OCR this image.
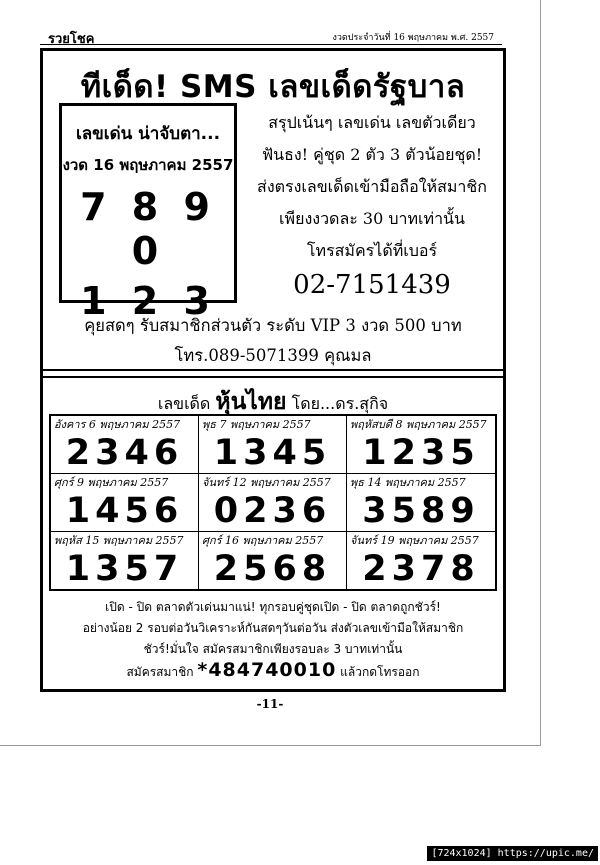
รวยโชค	งวดประจำวันที่ 16 พฤษภาคม พ.ศ. 2557
ทีเด็ด! SMS เลขเด็ดรัฐบาล
เลขเด่น น่าจับตา...
งวด 16 พฤษภาคม 2557
7 8 9 0
1 2 3
สรุปเน้นๆ เลขเด่น เลขตัวเดียว
ฟันธง! คู่ชุด 2 ตัว 3 ตัวน้อยชุด!
ส่งตรงเลขเด็ดเข้ามือถือให้สมาชิก
เพียงงวดละ 30 บาทเท่านั้น
โทรสมัครได้ที่เบอร์
02-7151439
คุยสดๆ รับสมาชิกส่วนตัว ระดับ VIP 3 งวด 500 บาท
โทร.089-5071399 คุณมล
เลขเด็ด หุ้นไทย โดย...ดร.สุกิจ
อังคาร 6 พฤษภาคม 2557
2346
พุธ 7 พฤษภาคม 2557
1345
พฤหัสบดี 8 พฤษภาคม 2557
1235
ศุกร์ 9 พฤษภาคม 2557
1456
จันทร์ 12 พฤษภาคม 2557
0236
พุธ 14 พฤษภาคม 2557
3589
พฤหัส 15 พฤษภาคม 2557
1357
ศุกร์ 16 พฤษภาคม 2557
2568
จันทร์ 19 พฤษภาคม 2557
2378
เปิด - ปิด ตลาดตัวเด่นมาแน่! ทุกรอบคู่ชุดเปิด - ปิด ตลาดถูกชัวร์!
อย่างน้อย 2 รอบต่อวันวิเคราะห์กันสดๆวันต่อวัน ส่งตัวเลขเข้ามือให้สมาชิก
ชัวร์!มั่นใจ สมัครสมาชิกเพียงรอบละ 3 บาทเท่านั้น
สมัครสมาชิก *484740010 แล้วกดโทรออก
-11-
[724x1024] https://upic.me/
